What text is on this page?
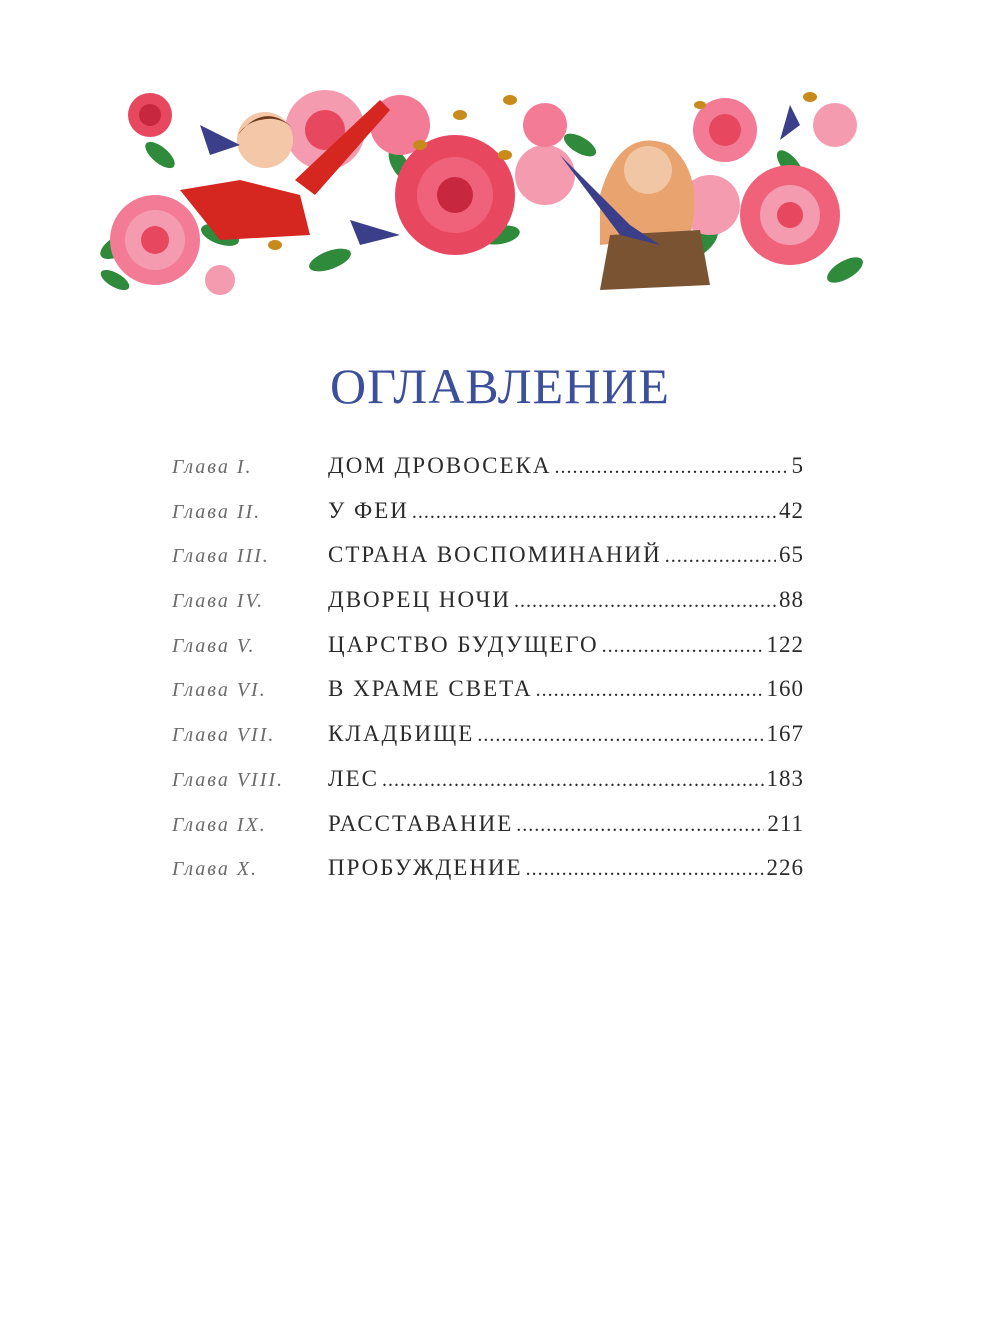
ОГЛАВЛЕНИЕ
Глава I.	ДОМ ДРОВОСЕКА .....	5
Глава II.	У ФЕИ .....	42
Глава III.	СТРАНА ВОСПОМИНАНИЙ .....	65
Глава IV.	ДВОРЕЦ НОЧИ .....	88
Глава V.	ЦАРСТВО БУДУЩЕГО .....	122
Глава VI.	В ХРАМЕ СВЕТА .....	160
Глава VII.	КЛАДБИЩЕ .....	167
Глава VIII.	ЛЕС .....	183
Глава IX.	РАССТАВАНИЕ .....	211
Глава X.	ПРОБУЖДЕНИЕ .....	226
